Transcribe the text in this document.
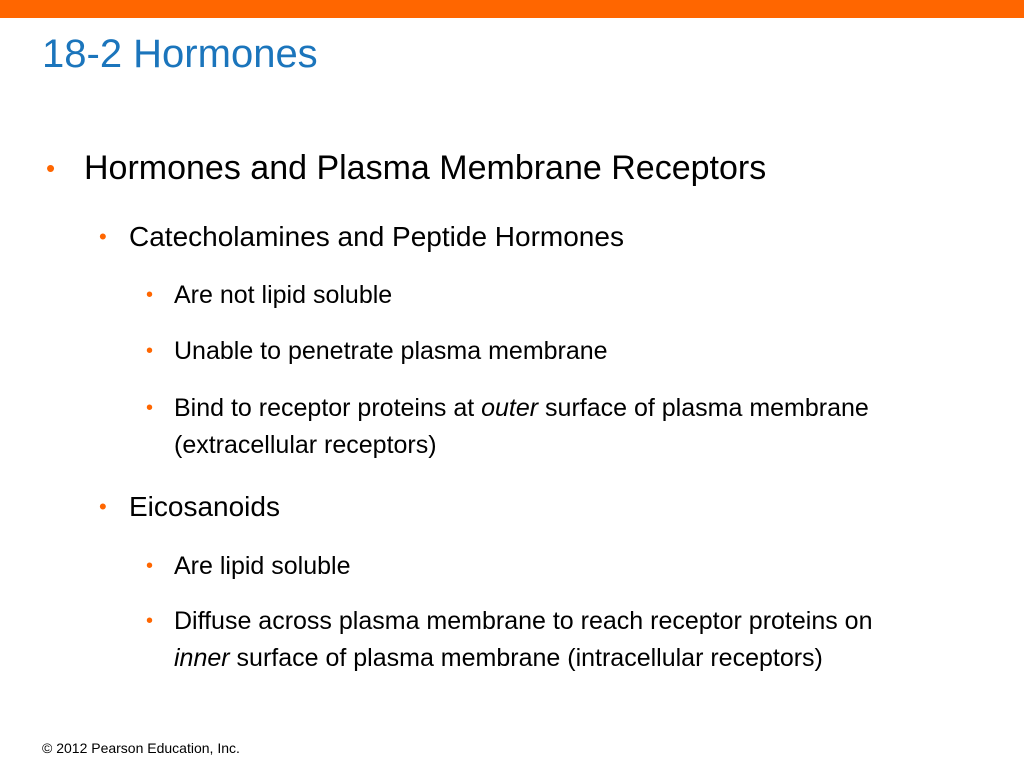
18-2 Hormones
• Hormones and Plasma Membrane Receptors
• Catecholamines and Peptide Hormones
• Are not lipid soluble
• Unable to penetrate plasma membrane
• Bind to receptor proteins at outer surface of plasma membrane (extracellular receptors)
• Eicosanoids
• Are lipid soluble
• Diffuse across plasma membrane to reach receptor proteins on inner surface of plasma membrane (intracellular receptors)
© 2012 Pearson Education, Inc.
